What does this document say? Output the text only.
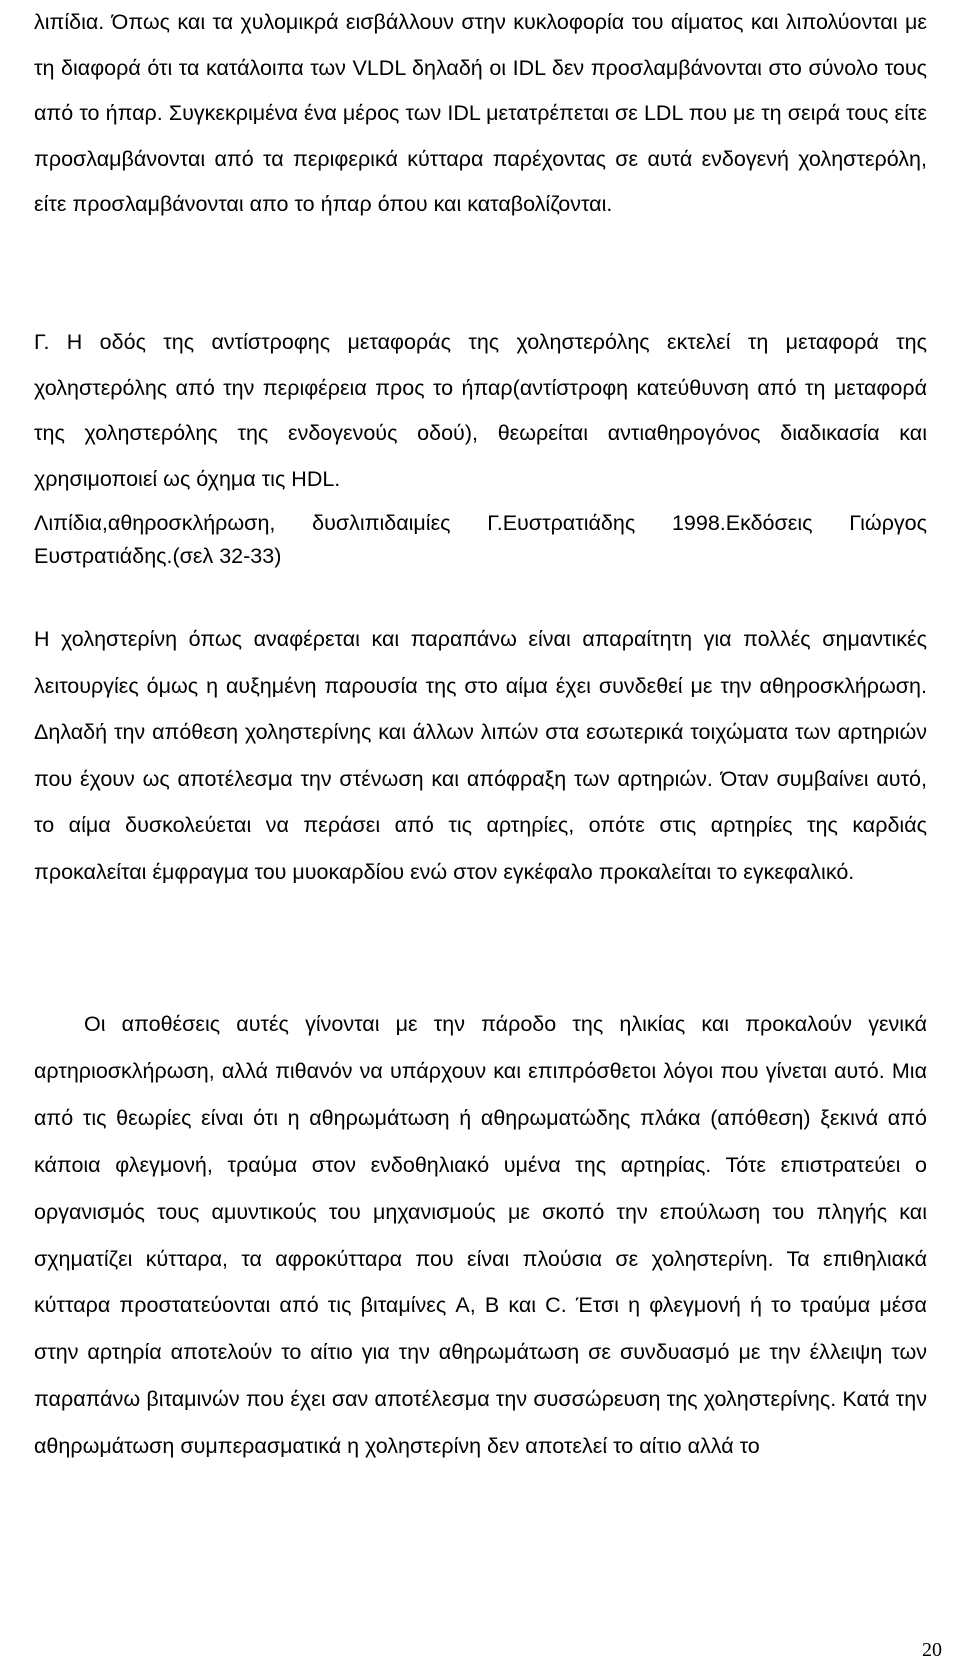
λιπίδια. Όπως και τα χυλομικρά εισβάλλουν στην κυκλοφορία του αίματος και λιπολύονται με τη διαφορά ότι τα κατάλοιπα των VLDL δηλαδή οι IDL δεν προσλαμβάνονται στο σύνολο τους από το ήπαρ. Συγκεκριμένα ένα μέρος των IDL μετατρέπεται σε LDL που με τη σειρά τους είτε προσλαμβάνονται από τα περιφερικά κύτταρα παρέχοντας σε αυτά ενδογενή χοληστερόλη, είτε προσλαμβάνονται απο το ήπαρ όπου και καταβολίζονται.

Γ. Η οδός της αντίστροφης μεταφοράς της χοληστερόλης εκτελεί τη μεταφορά της χοληστερόλης από την περιφέρεια προς το ήπαρ(αντίστροφη κατεύθυνση από τη μεταφορά της χοληστερόλης της ενδογενούς οδού), θεωρείται αντιαθηρογόνος διαδικασία και χρησιμοποιεί ως όχημα τις HDL.

Λιπίδια,αθηροσκλήρωση, δυσλιπιδαιμίες Γ.Ευστρατιάδης 1998.Εκδόσεις Γιώργος Ευστρατιάδης.(σελ 32-33)

Η χοληστερίνη όπως αναφέρεται και παραπάνω είναι απαραίτητη για πολλές σημαντικές λειτουργίες όμως η αυξημένη παρουσία της στο αίμα έχει συνδεθεί με την αθηροσκλήρωση. Δηλαδή την απόθεση χοληστερίνης και άλλων λιπών στα εσωτερικά τοιχώματα των αρτηριών που έχουν ως αποτέλεσμα την στένωση και απόφραξη των αρτηριών. Όταν συμβαίνει αυτό, το αίμα δυσκολεύεται να περάσει από τις αρτηρίες, οπότε στις αρτηρίες της καρδιάς προκαλείται έμφραγμα του μυοκαρδίου ενώ στον εγκέφαλο προκαλείται το εγκεφαλικό.

Οι αποθέσεις αυτές γίνονται με την πάροδο της ηλικίας και προκαλούν γενικά αρτηριοσκλήρωση, αλλά πιθανόν να υπάρχουν και επιπρόσθετοι λόγοι που γίνεται αυτό. Μια από τις θεωρίες είναι ότι η αθηρωμάτωση ή αθηρωματώδης πλάκα (απόθεση) ξεκινά από κάποια φλεγμονή, τραύμα στον ενδοθηλιακό υμένα της αρτηρίας. Τότε επιστρατεύει ο οργανισμός τους αμυντικούς του μηχανισμούς με σκοπό την επούλωση του πληγής και σχηματίζει κύτταρα, τα αφροκύτταρα που είναι πλούσια σε χοληστερίνη. Τα επιθηλιακά κύτταρα προστατεύονται από τις βιταμίνες A, B και C. Έτσι η φλεγμονή ή το τραύμα μέσα στην αρτηρία αποτελούν το αίτιο για την αθηρωμάτωση σε συνδυασμό με την έλλειψη των παραπάνω βιταμινών που έχει σαν αποτέλεσμα την συσσώρευση της χοληστερίνης. Κατά την αθηρωμάτωση συμπερασματικά η χοληστερίνη δεν αποτελεί το αίτιο αλλά το

20
